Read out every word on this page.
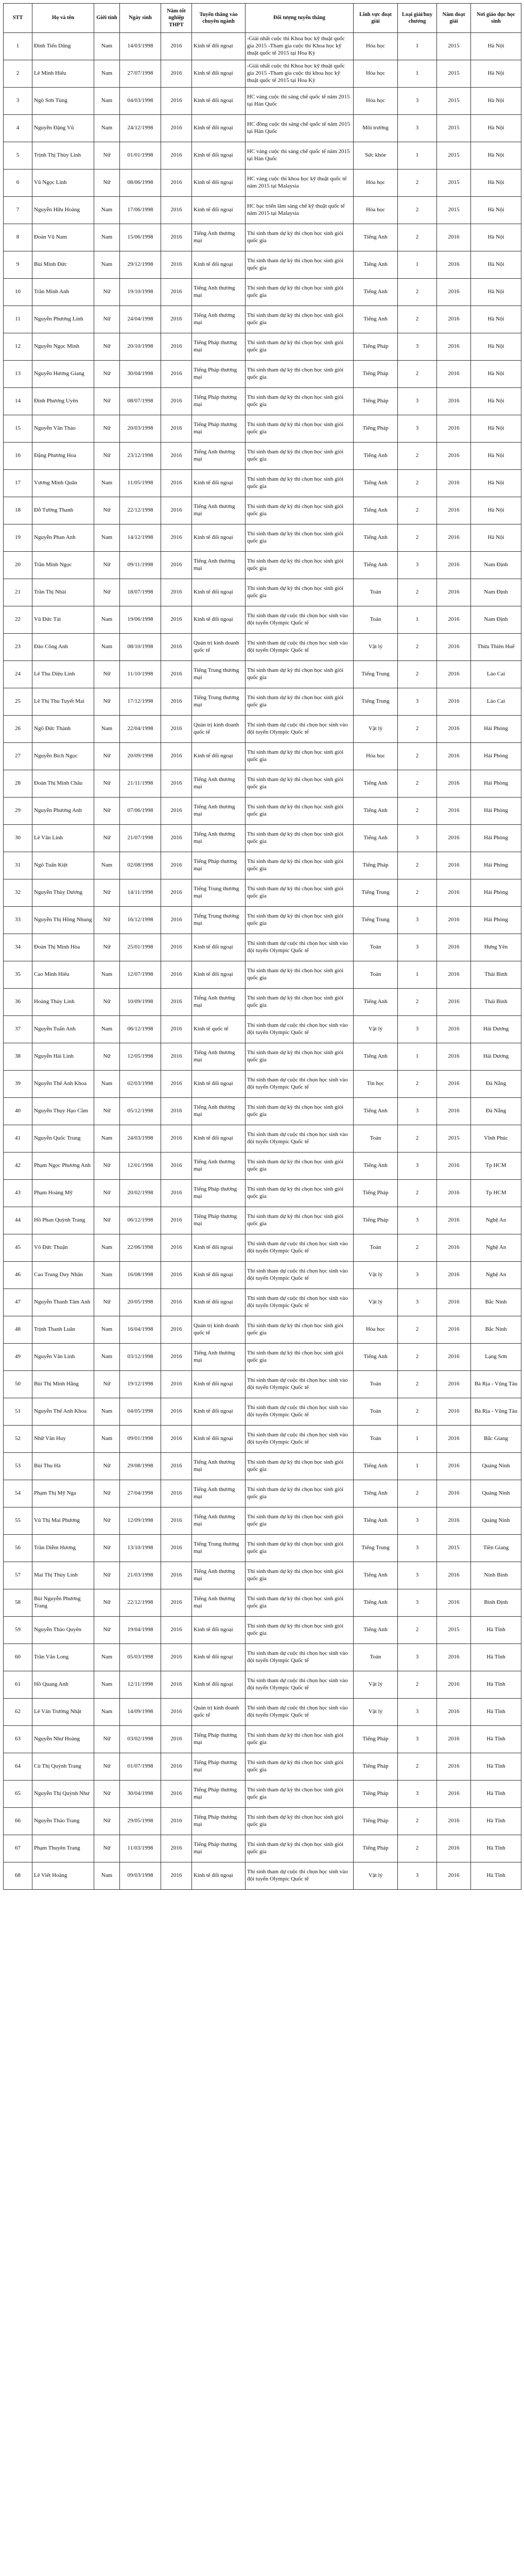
STT	Họ và tên	Giới tính	Ngày sinh	Năm tốt nghiệp THPT	Tuyển thẳng vào chuyên ngành	Đối tượng tuyển thẳng	Lĩnh vực đoạt giải	Loại giải/huy chương	Năm đoạt giải	Nơi giáo dục học sinh
1	Đinh Tiến Dũng	Nam	14/03/1998	2016	Kinh tế đối ngoại	-Giải nhất cuộc thi Khoa học kỹ thuật quốc gia 2015 -Tham gia cuộc thi Khoa học kỹ thuật quốc tế 2015 tại Hoa Kỳ	Hóa học	1	2015	Hà Nội
2	Lê Minh Hiếu	Nam	27/07/1998	2016	Kinh tế đối ngoại	-Giải nhất cuộc thi Khoa học kỹ thuật quốc gia 2015 -Tham gia cuộc thi khoa học kỹ thuật quốc tế 2015 tại Hoa Kỳ	Hóa học	1	2015	Hà Nội
3	Ngô Sơn Tùng	Nam	04/03/1998	2016	Kinh tế đối ngoại	HC vàng cuộc thi sáng chế quốc tế năm 2015 tại Hàn Quốc	Hóa học	3	2015	Hà Nội
4	Nguyễn Đặng Vũ	Nam	24/12/1998	2016	Kinh tế đối ngoại	HC đồng cuộc thi sáng chế quốc tế năm 2015 tại Hàn Quốc	Môi trường	3	2015	Hà Nội
5	Trịnh Thị Thùy Linh	Nữ	01/01/1998	2016	Kinh tế đối ngoại	HC vàng cuộc thi sáng chế quốc tế năm 2015 tại Hàn Quốc	Sức khỏe	1	2015	Hà Nội
6	Vũ Ngọc Linh	Nữ	08/06/1998	2016	Kinh tế đối ngoại	HC vàng cuộc thi khoa học kỹ thuật quốc tế năm 2015 tại Malaysia	Hóa học	2	2015	Hà Nội
7	Nguyễn Hữu Hoàng	Nam	17/06/1998	2016	Kinh tế đối ngoại	HC bạc triển lãm sáng chế kỹ thuật quốc tế năm 2015 tại Malaysia	Hóa học	2	2015	Hà Nội
8	Đoàn Vũ Nam	Nam	15/06/1998	2016	Tiếng Anh thương mại	Thí sinh tham dự kỳ thi chọn học sinh giỏi quốc gia	Tiếng Anh	2	2016	Hà Nội
9	Bùi Minh Đức	Nam	29/12/1998	2016	Kinh tế đối ngoại	Thí sinh tham dự kỳ thi chọn học sinh giỏi quốc gia	Tiếng Anh	1	2016	Hà Nội
10	Trần Minh Anh	Nữ	19/10/1998	2016	Tiếng Anh thương mại	Thí sinh tham dự kỳ thi chọn học sinh giỏi quốc gia	Tiếng Anh	2	2016	Hà Nội
11	Nguyễn Phương Linh	Nữ	24/04/1998	2016	Tiếng Anh thương mại	Thí sinh tham dự kỳ thi chọn học sinh giỏi quốc gia	Tiếng Anh	2	2016	Hà Nội
12	Nguyễn Ngọc Minh	Nữ	20/10/1998	2016	Tiếng Pháp thương mại	Thí sinh tham dự kỳ thi chọn học sinh giỏi quốc gia	Tiếng Pháp	3	2016	Hà Nội
13	Nguyễn Hương Giang	Nữ	30/04/1998	2016	Tiếng Pháp thương mại	Thí sinh tham dự kỳ thi chọn học sinh giỏi quốc gia	Tiếng Pháp	2	2016	Hà Nội
14	Đinh Phương Uyên	Nữ	08/07/1998	2016	Tiếng Pháp thương mại	Thí sinh tham dự kỳ thi chọn học sinh giỏi quốc gia	Tiếng Pháp	3	2016	Hà Nội
15	Nguyễn Vân Thảo	Nữ	20/03/1998	2016	Tiếng Pháp thương mại	Thí sinh tham dự kỳ thi chọn học sinh giỏi quốc gia	Tiếng Pháp	3	2016	Hà Nội
16	Đặng Phương Hoa	Nữ	23/12/1998	2016	Tiếng Anh thương mại	Thí sinh tham dự kỳ thi chọn học sinh giỏi quốc gia	Tiếng Anh	2	2016	Hà Nội
17	Vương Minh Quân	Nam	11/05/1998	2016	Kinh tế đối ngoại	Thí sinh tham dự kỳ thi chọn học sinh giỏi quốc gia	Tiếng Anh	2	2016	Hà Nội
18	Đỗ Tường Thanh	Nữ	22/12/1998	2016	Tiếng Anh thương mại	Thí sinh tham dự kỳ thi chọn học sinh giỏi quốc gia	Tiếng Anh	2	2016	Hà Nội
19	Nguyễn Phan Anh	Nam	14/12/1998	2016	Kinh tế đối ngoại	Thí sinh tham dự kỳ thi chọn học sinh giỏi quốc gia	Tiếng Anh	2	2016	Hà Nội
20	Trần Minh Ngọc	Nữ	09/11/1998	2016	Tiếng Anh thương mại	Thí sinh tham dự kỳ thi chọn học sinh giỏi quốc gia	Tiếng Anh	3	2016	Nam Định
21	Trần Thị Nhài	Nữ	18/07/1998	2016	Kinh tế đối ngoại	Thí sinh tham dự kỳ thi chọn học sinh giỏi quốc gia	Toán	2	2016	Nam Định
22	Vũ Đức Tài	Nam	19/06/1998	2016	Kinh tế đối ngoại	Thí sinh tham dự cuộc thi chọn học sinh vào đội tuyển Olympic Quốc tế	Toán	1	2016	Nam Định
23	Đào Công Anh	Nam	08/10/1998	2016	Quản trị kinh doanh quốc tế	Thí sinh tham dự cuộc thi chọn học sinh vào đội tuyển Olympic Quốc tế	Vật lý	2	2016	Thừa Thiên Huế
24	Lê Thu Diệu Linh	Nữ	11/10/1998	2016	Tiếng Trung thương mại	Thí sinh tham dự kỳ thi chọn học sinh giỏi quốc gia	Tiếng Trung	2	2016	Lào Cai
25	Lê Thị Thu Tuyết Mai	Nữ	17/12/1998	2016	Tiếng Trung thương mại	Thí sinh tham dự kỳ thi chọn học sinh giỏi quốc gia	Tiếng Trung	3	2016	Lào Cai
26	Ngô Đức Thành	Nam	22/04/1998	2016	Quản trị kinh doanh quốc tế	Thí sinh tham dự cuộc thi chọn học sinh vào đội tuyển Olympic Quốc tế	Vật lý	2	2016	Hải Phòng
27	Nguyễn Bích Ngọc	Nữ	20/09/1998	2016	Kinh tế đối ngoại	Thí sinh tham dự kỳ thi chọn học sinh giỏi quốc gia	Hóa học	2	2016	Hải Phòng
28	Đoàn Thị Minh Châu	Nữ	21/11/1998	2016	Tiếng Anh thương mại	Thí sinh tham dự kỳ thi chọn học sinh giỏi quốc gia	Tiếng Anh	2	2016	Hải Phòng
29	Nguyễn Phương Anh	Nữ	07/06/1998	2016	Tiếng Anh thương mại	Thí sinh tham dự kỳ thi chọn học sinh giỏi quốc gia	Tiếng Anh	2	2016	Hải Phòng
30	Lê Vân Linh	Nữ	21/07/1998	2016	Tiếng Anh thương mại	Thí sinh tham dự kỳ thi chọn học sinh giỏi quốc gia	Tiếng Anh	3	2016	Hải Phòng
31	Ngô Tuấn Kiệt	Nam	02/08/1998	2016	Tiếng Pháp thương mại	Thí sinh tham dự kỳ thi chọn học sinh giỏi quốc gia	Tiếng Pháp	2	2016	Hải Phòng
32	Nguyễn Thùy Dương	Nữ	14/11/1998	2016	Tiếng Trung thương mại	Thí sinh tham dự kỳ thi chọn học sinh giỏi quốc gia	Tiếng Trung	2	2016	Hải Phòng
33	Nguyễn Thị Hồng Nhung	Nữ	16/12/1998	2016	Tiếng Trung thương mại	Thí sinh tham dự kỳ thi chọn học sinh giỏi quốc gia	Tiếng Trung	3	2016	Hải Phòng
34	Đoàn Thị Minh Hòa	Nữ	25/01/1998	2016	Kinh tế đối ngoại	Thí sinh tham dự cuộc thi chọn học sinh vào đội tuyển Olympic Quốc tế	Toán	3	2016	Hưng Yên
35	Cao Minh Hiếu	Nam	12/07/1998	2016	Kinh tế đối ngoại	Thí sinh tham dự kỳ thi chọn học sinh giỏi quốc gia	Toán	1	2016	Thái Bình
36	Hoàng Thủy Linh	Nữ	10/09/1998	2016	Tiếng Anh thương mại	Thí sinh tham dự kỳ thi chọn học sinh giỏi quốc gia	Tiếng Anh	2	2016	Thái Bình
37	Nguyễn Tuấn Anh	Nam	06/12/1998	2016	Kinh tế quốc tế	Thí sinh tham dự cuộc thi chọn học sinh vào đội tuyển Olympic Quốc tế	Vật lý	3	2016	Hải Dương
38	Nguyễn Hải Linh	Nữ	12/05/1998	2016	Tiếng Anh thương mại	Thí sinh tham dự kỳ thi chọn học sinh giỏi quốc gia	Tiếng Anh	1	2016	Hải Dương
39	Nguyễn Thế Anh Khoa	Nam	02/03/1998	2016	Kinh tế đối ngoại	Thí sinh tham dự cuộc thi chọn học sinh vào đội tuyển Olympic Quốc tế	Tin học	2	2016	Đà Nẵng
40	Nguyễn Thụy Hạo Cầm	Nữ	05/12/1998	2016	Tiếng Anh thương mại	Thí sinh tham dự kỳ thi chọn học sinh giỏi quốc gia	Tiếng Anh	3	2016	Đà Nẵng
41	Nguyễn Quốc Trung	Nam	24/03/1998	2016	Kinh tế đối ngoại	Thí sinh tham dự cuộc thi chọn học sinh vào đội tuyển Olympic Quốc tế	Toán	2	2015	Vĩnh Phúc
42	Phạm Ngọc Phương Anh	Nữ	12/01/1998	2016	Tiếng Anh thương mại	Thí sinh tham dự kỳ thi chọn học sinh giỏi quốc gia	Tiếng Anh	3	2016	Tp HCM
43	Phạm Hoàng Mỹ	Nữ	20/02/1998	2016	Tiếng Pháp thương mại	Thí sinh tham dự kỳ thi chọn học sinh giỏi quốc gia	Tiếng Pháp	2	2016	Tp HCM
44	Hồ Phan Quỳnh Trang	Nữ	06/12/1998	2016	Tiếng Pháp thương mại	Thí sinh tham dự kỳ thi chọn học sinh giỏi quốc gia	Tiếng Pháp	3	2016	Nghệ An
45	Võ Đức Thuận	Nam	22/06/1998	2016	Kinh tế đối ngoại	Thí sinh tham dự cuộc thi chọn học sinh vào đội tuyển Olympic Quốc tế	Toán	2	2016	Nghệ An
46	Cao Trung Duy Nhân	Nam	16/08/1998	2016	Kinh tế đối ngoại	Thí sinh tham dự cuộc thi chọn học sinh vào đội tuyển Olympic Quốc tế	Vật lý	3	2016	Nghệ An
47	Nguyễn Thanh Tâm Anh	Nữ	20/05/1998	2016	Kinh tế đối ngoại	Thí sinh tham dự cuộc thi chọn học sinh vào đội tuyển Olympic Quốc tế	Vật lý	3	2016	Bắc Ninh
48	Trịnh Thanh Luân	Nam	16/04/1998	2016	Quản trị kinh doanh quốc tế	Thí sinh tham dự kỳ thi chọn học sinh giỏi quốc gia	Hóa học	2	2016	Bắc Ninh
49	Nguyễn Văn Linh	Nam	03/12/1998	2016	Tiếng Anh thương mại	Thí sinh tham dự kỳ thi chọn học sinh giỏi quốc gia	Tiếng Anh	2	2016	Lạng Sơn
50	Bùi Thị Minh Hằng	Nữ	19/12/1998	2016	Kinh tế đối ngoại	Thí sinh tham dự cuộc thi chọn học sinh vào đội tuyển Olympic Quốc tế	Toán	2	2016	Bà Rịa - Vũng Tàu
51	Nguyễn Thế Anh Khoa	Nam	04/05/1998	2016	Kinh tế đối ngoại	Thí sinh tham dự cuộc thi chọn học sinh vào đội tuyển Olympic Quốc tế	Toán	2	2016	Bà Rịa - Vũng Tàu
52	Nhữ Văn Huy	Nam	09/01/1998	2016	Kinh tế đối ngoại	Thí sinh tham dự cuộc thi chọn học sinh vào đội tuyển Olympic Quốc tế	Toán	1	2016	Bắc Giang
53	Bùi Thu Hà	Nữ	29/08/1998	2016	Tiếng Anh thương mại	Thí sinh tham dự kỳ thi chọn học sinh giỏi quốc gia	Tiếng Anh	1	2016	Quảng Ninh
54	Phạm Thị Mỹ Nga	Nữ	27/04/1998	2016	Tiếng Anh thương mại	Thí sinh tham dự kỳ thi chọn học sinh giỏi quốc gia	Tiếng Anh	2	2016	Quảng Ninh
55	Vũ Thị Mai Phương	Nữ	12/09/1998	2016	Tiếng Anh thương mại	Thí sinh tham dự kỳ thi chọn học sinh giỏi quốc gia	Tiếng Anh	3	2016	Quảng Ninh
56	Trần Diễm Hương	Nữ	13/10/1998	2016	Tiếng Trung thương mại	Thí sinh tham dự kỳ thi chọn học sinh giỏi quốc gia	Tiếng Trung	3	2015	Tiền Giang
57	Mai Thị Thùy Linh	Nữ	21/03/1998	2016	Tiếng Anh thương mại	Thí sinh tham dự kỳ thi chọn học sinh giỏi quốc gia	Tiếng Anh	3	2016	Ninh Bình
58	Bùi Nguyễn Phương Trang	Nữ	22/12/1998	2016	Tiếng Anh thương mại	Thí sinh tham dự kỳ thi chọn học sinh giỏi quốc gia	Tiếng Anh	3	2016	Bình Định
59	Nguyễn Thảo Quyên	Nữ	19/04/1998	2016	Kinh tế đối ngoại	Thí sinh tham dự kỳ thi chọn học sinh giỏi quốc gia	Tiếng Anh	2	2015	Hà Tĩnh
60	Trần Văn Long	Nam	05/03/1998	2016	Kinh tế đối ngoại	Thí sinh tham dự cuộc thi chọn học sinh vào đội tuyển Olympic Quốc tế	Toán	3	2016	Hà Tĩnh
61	Hồ Quang Anh	Nam	12/11/1998	2016	Kinh tế đối ngoại	Thí sinh tham dự cuộc thi chọn học sinh vào đội tuyển Olympic Quốc tế	Vật lý	2	2016	Hà Tĩnh
62	Lê Văn Trường Nhật	Nam	14/09/1998	2016	Quản trị kinh doanh quốc tế	Thí sinh tham dự cuộc thi chọn học sinh vào đội tuyển Olympic Quốc tế	Vật lý	3	2016	Hà Tĩnh
63	Nguyễn Như Hoàng	Nữ	03/02/1998	2016	Tiếng Pháp thương mại	Thí sinh tham dự kỳ thi chọn học sinh giỏi quốc gia	Tiếng Pháp	3	2016	Hà Tĩnh
64	Cù Thị Quỳnh Trang	Nữ	01/07/1998	2016	Tiếng Pháp thương mại	Thí sinh tham dự kỳ thi chọn học sinh giỏi quốc gia	Tiếng Pháp	2	2016	Hà Tĩnh
65	Nguyễn Thị Quỳnh Như	Nữ	30/04/1998	2016	Tiếng Pháp thương mại	Thí sinh tham dự kỳ thi chọn học sinh giỏi quốc gia	Tiếng Pháp	3	2016	Hà Tĩnh
66	Nguyễn Thảo Trang	Nữ	29/05/1998	2016	Tiếng Pháp thương mại	Thí sinh tham dự kỳ thi chọn học sinh giỏi quốc gia	Tiếng Pháp	2	2016	Hà Tĩnh
67	Phạm Thuyên Trang	Nữ	11/03/1998	2016	Tiếng Pháp thương mại	Thí sinh tham dự kỳ thi chọn học sinh giỏi quốc gia	Tiếng Pháp	2	2016	Hà Tĩnh
68	Lê Viết Hoàng	Nam	09/03/1998	2016	Kinh tế đối ngoại	Thí sinh tham dự cuộc thi chọn học sinh vào đội tuyển Olympic Quốc tế	Vật lý	3	2016	Hà Tĩnh
